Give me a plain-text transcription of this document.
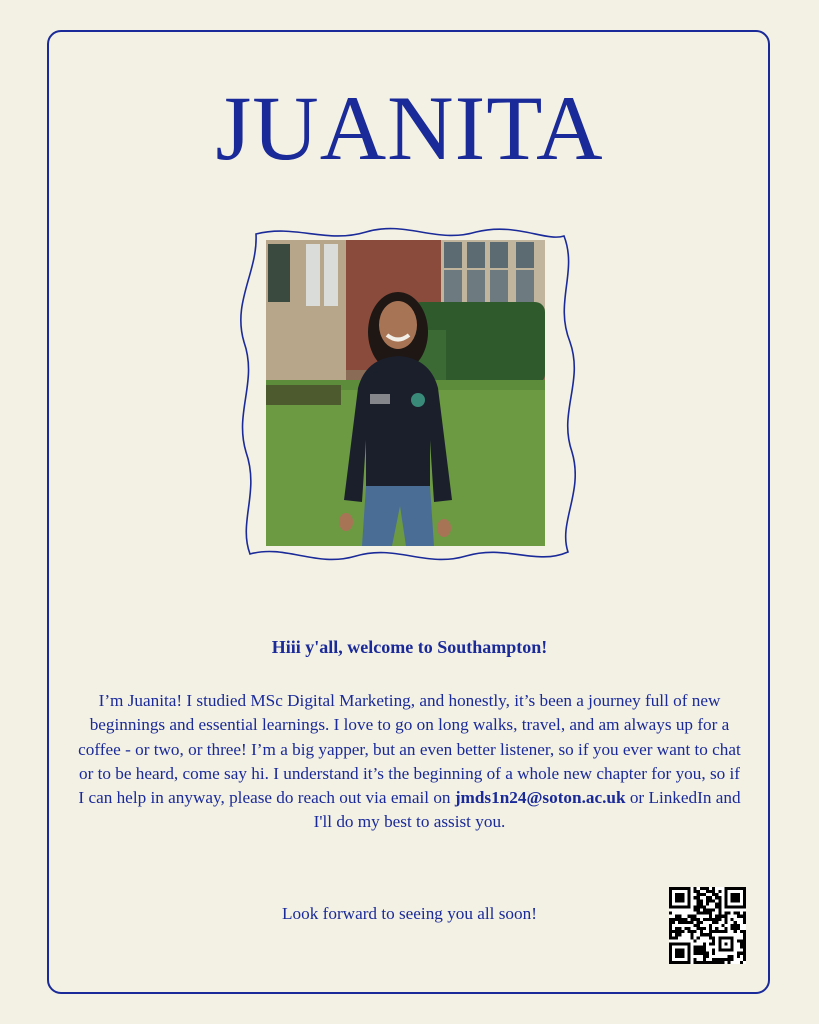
JUANITA
Hiii y'all, welcome to Southampton!
I’m Juanita! I studied MSc Digital Marketing, and honestly, it’s been a journey full of new beginnings and essential learnings. I love to go on long walks, travel, and am always up for a coffee - or two, or three! I’m a big yapper, but an even better listener, so if you ever want to chat or to be heard, come say hi. I understand it’s the beginning of a whole new chapter for you, so if I can help in anyway, please do reach out via email on jmds1n24@soton.ac.uk or LinkedIn and I'll do my best to assist you.
Look forward to seeing you all soon!
